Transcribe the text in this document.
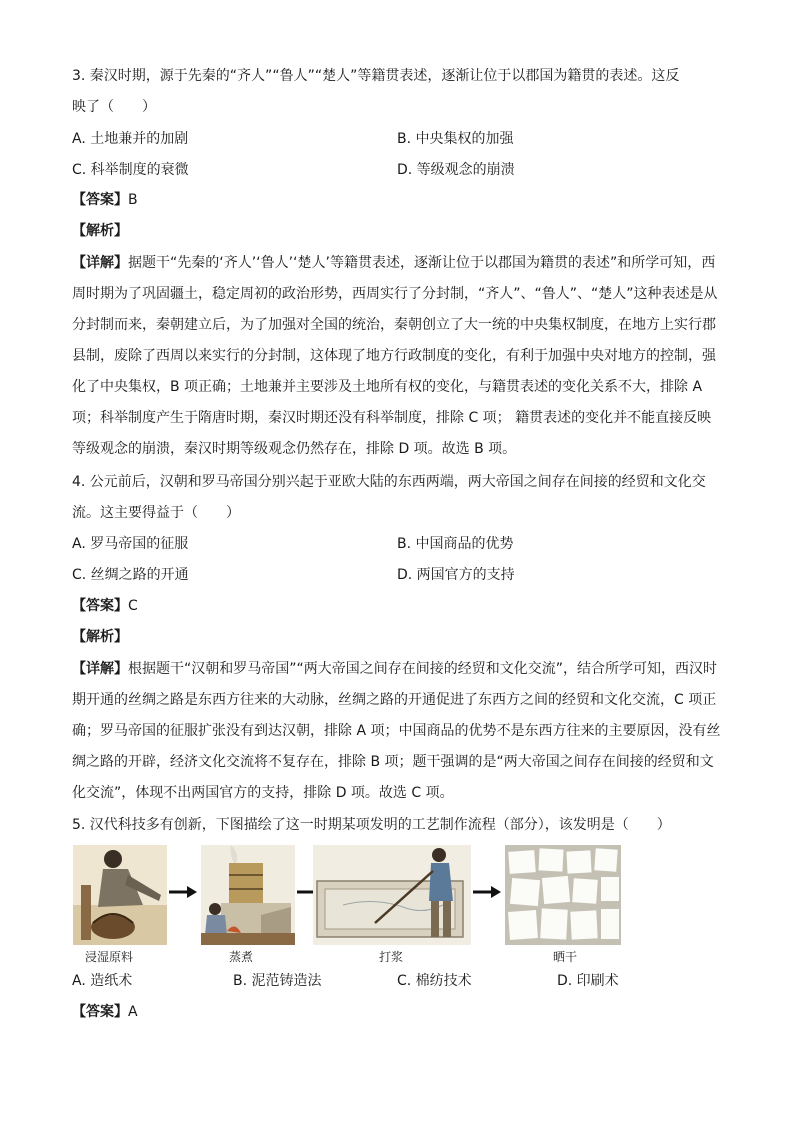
3. 秦汉时期，源于先秦的“齐人”“鲁人”“楚人”等籍贯表述，逐渐让位于以郡国为籍贯的表述。这反
映了（　　）
A. 土地兼并的加剧	B. 中央集权的加强
C. 科举制度的衰微	D. 等级观念的崩溃
【答案】B
【解析】
【详解】据题干“先秦的‘齐人’‘鲁人’‘楚人’等籍贯表述，逐渐让位于以郡国为籍贯的表述”和所学可知，西
周时期为了巩固疆土，稳定周初的政治形势，西周实行了分封制，“齐人”、“鲁人”、“楚人”这种表述是从
分封制而来，秦朝建立后，为了加强对全国的统治，秦朝创立了大一统的中央集权制度，在地方上实行郡
县制，废除了西周以来实行的分封制，这体现了地方行政制度的变化，有利于加强中央对地方的控制，强
化了中央集权，B 项正确；土地兼并主要涉及土地所有权的变化，与籍贯表述的变化关系不大，排除 A
项；科举制度产生于隋唐时期，秦汉时期还没有科举制度，排除 C 项； 籍贯表述的变化并不能直接反映
等级观念的崩溃，秦汉时期等级观念仍然存在，排除 D 项。故选 B 项。
4. 公元前后，汉朝和罗马帝国分别兴起于亚欧大陆的东西两端，两大帝国之间存在间接的经贸和文化交
流。这主要得益于（　　）
A. 罗马帝国的征服	B. 中国商品的优势
C. 丝绸之路的开通	D. 两国官方的支持
【答案】C
【解析】
【详解】根据题干“汉朝和罗马帝国”“两大帝国之间存在间接的经贸和文化交流”，结合所学可知，西汉时
期开通的丝绸之路是东西方往来的大动脉，丝绸之路的开通促进了东西方之间的经贸和文化交流，C 项正
确；罗马帝国的征服扩张没有到达汉朝，排除 A 项；中国商品的优势不是东西方往来的主要原因，没有丝
绸之路的开辟，经济文化交流将不复存在，排除 B 项；题干强调的是“两大帝国之间存在间接的经贸和文
化交流”，体现不出两国官方的支持，排除 D 项。故选 C 项。
5. 汉代科技多有创新，下图描绘了这一时期某项发明的工艺制作流程（部分），该发明是（　　）
浸湿原料	蒸煮	打浆	晒干
A. 造纸术	B. 泥范铸造法	C. 棉纺技术	D. 印刷术
【答案】A
